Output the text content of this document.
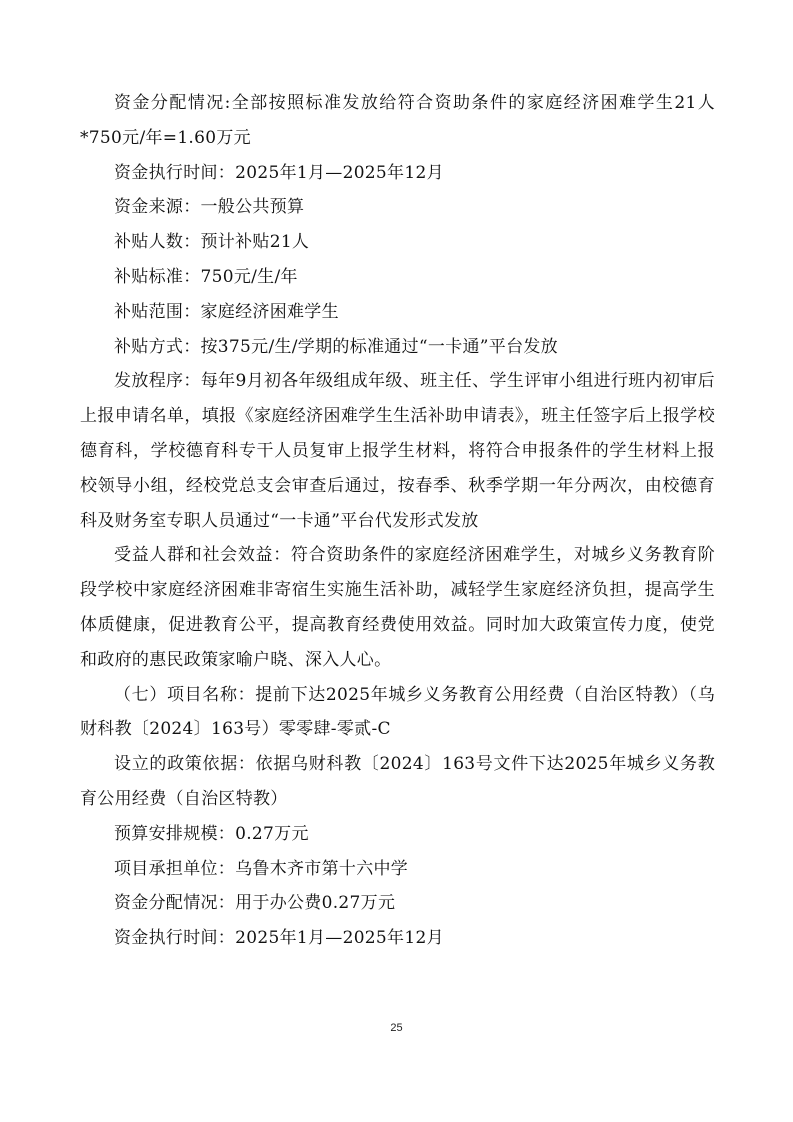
资金分配情况:全部按照标准发放给符合资助条件的家庭经济困难学生21人*750元/年=1.60万元

资金执行时间：2025年1月—2025年12月

资金来源：一般公共预算

补贴人数：预计补贴21人

补贴标准：750元/生/年

补贴范围：家庭经济困难学生

补贴方式：按375元/生/学期的标准通过“一卡通”平台发放

发放程序：每年9月初各年级组成年级、班主任、学生评审小组进行班内初审后上报申请名单，填报《家庭经济困难学生生活补助申请表》，班主任签字后上报学校德育科，学校德育科专干人员复审上报学生材料，将符合申报条件的学生材料上报校领导小组，经校党总支会审查后通过，按春季、秋季学期一年分两次，由校德育科及财务室专职人员通过“一卡通”平台代发形式发放

受益人群和社会效益：符合资助条件的家庭经济困难学生，对城乡义务教育阶段学校中家庭经济困难非寄宿生实施生活补助，减轻学生家庭经济负担，提高学生体质健康，促进教育公平，提高教育经费使用效益。同时加大政策宣传力度，使党和政府的惠民政策家喻户晓、深入人心。

（七）项目名称：提前下达2025年城乡义务教育公用经费（自治区特教）（乌财科教〔2024〕163号）零零肆-零贰-C

设立的政策依据：依据乌财科教〔2024〕163号文件下达2025年城乡义务教育公用经费（自治区特教）

预算安排规模：0.27万元

项目承担单位：乌鲁木齐市第十六中学

资金分配情况：用于办公费0.27万元

资金执行时间：2025年1月—2025年12月

25
